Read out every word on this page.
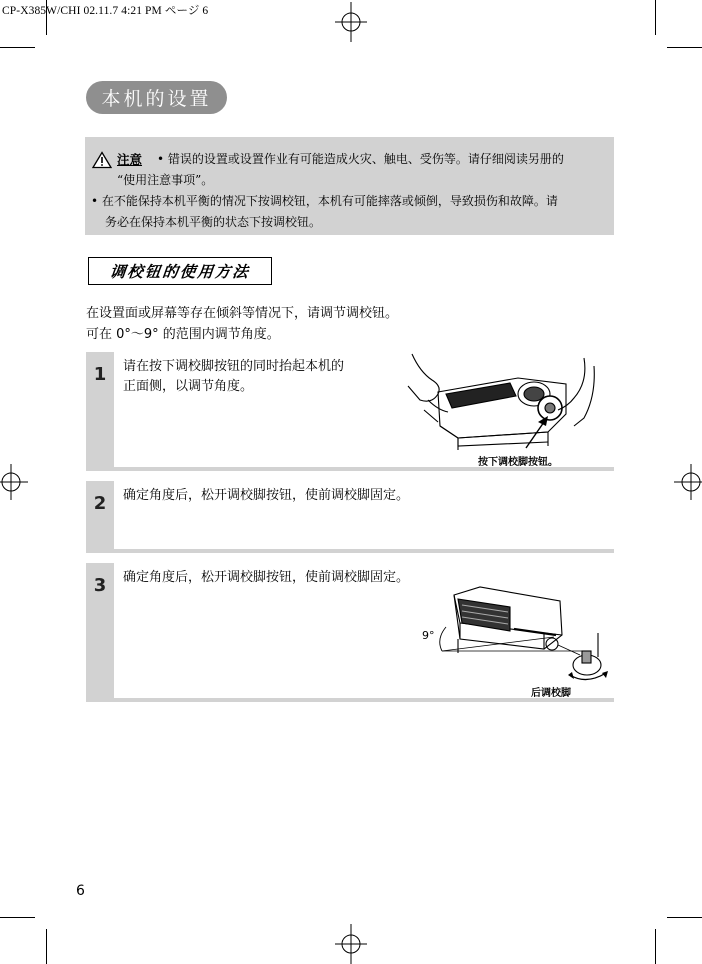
CP-X385W/CHI 02.11.7 4:21 PM ページ 6
本机的设置
注意 • 错误的设置或设置作业有可能造成火灾、触电、受伤等。请仔细阅读另册的
“使用注意事项”。
• 在不能保持本机平衡的情况下按调校钮，本机有可能摔落或倾倒，导致损伤和故障。请
务必在保持本机平衡的状态下按调校钮。
调校钮的使用方法
在设置面或屏幕等存在倾斜等情况下，请调节调校钮。
可在 0°～9° 的范围内调节角度。
1	请在按下调校脚按钮的同时抬起本机的
正面侧，以调节角度。
按下调校脚按钮。
2	确定角度后，松开调校脚按钮，使前调校脚固定。
3	确定角度后，松开调校脚按钮，使前调校脚固定。
9°
后调校脚
6
